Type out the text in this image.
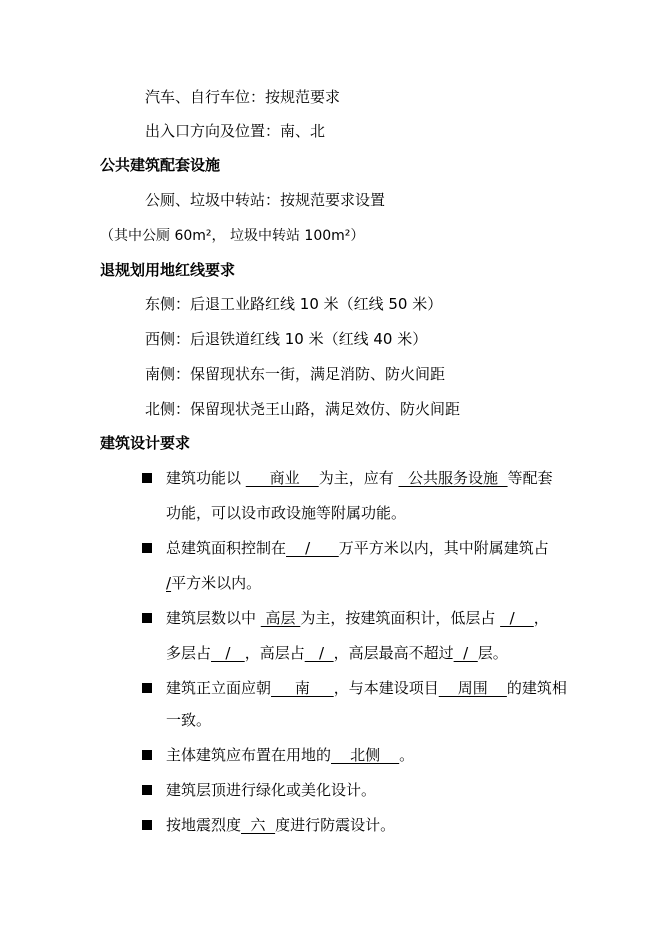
汽车、自行车位：按规范要求
出入口方向及位置：南、北
公共建筑配套设施
公厕、垃圾中转站：按规范要求设置
（其中公厕 60m²， 垃圾中转站 100m²）
退规划用地红线要求
东侧：后退工业路红线 10 米（红线 50 米）
西侧：后退铁道红线 10 米（红线 40 米）
南侧：保留现状东一街，满足消防、防火间距
北侧：保留现状尧王山路，满足效仿、防火间距
建筑设计要求
建筑功能以      商业    为主，应有   公共服务设施  等配套
功能，可以设市政设施等附属功能。
总建筑面积控制在    /      万平方米以内，其中附属建筑占
/平方米以内。
建筑层数以中  高层 为主，按建筑面积计，低层占   /    ，
多层占   /   ，高层占   /  ，高层最高不超过  /  层。
建筑正立面应朝     南     ，与本建设项目    周围    的建筑相
一致。
主体建筑应布置在用地的    北侧    。
建筑层顶进行绿化或美化设计。
按地震烈度  六  度进行防震设计。
